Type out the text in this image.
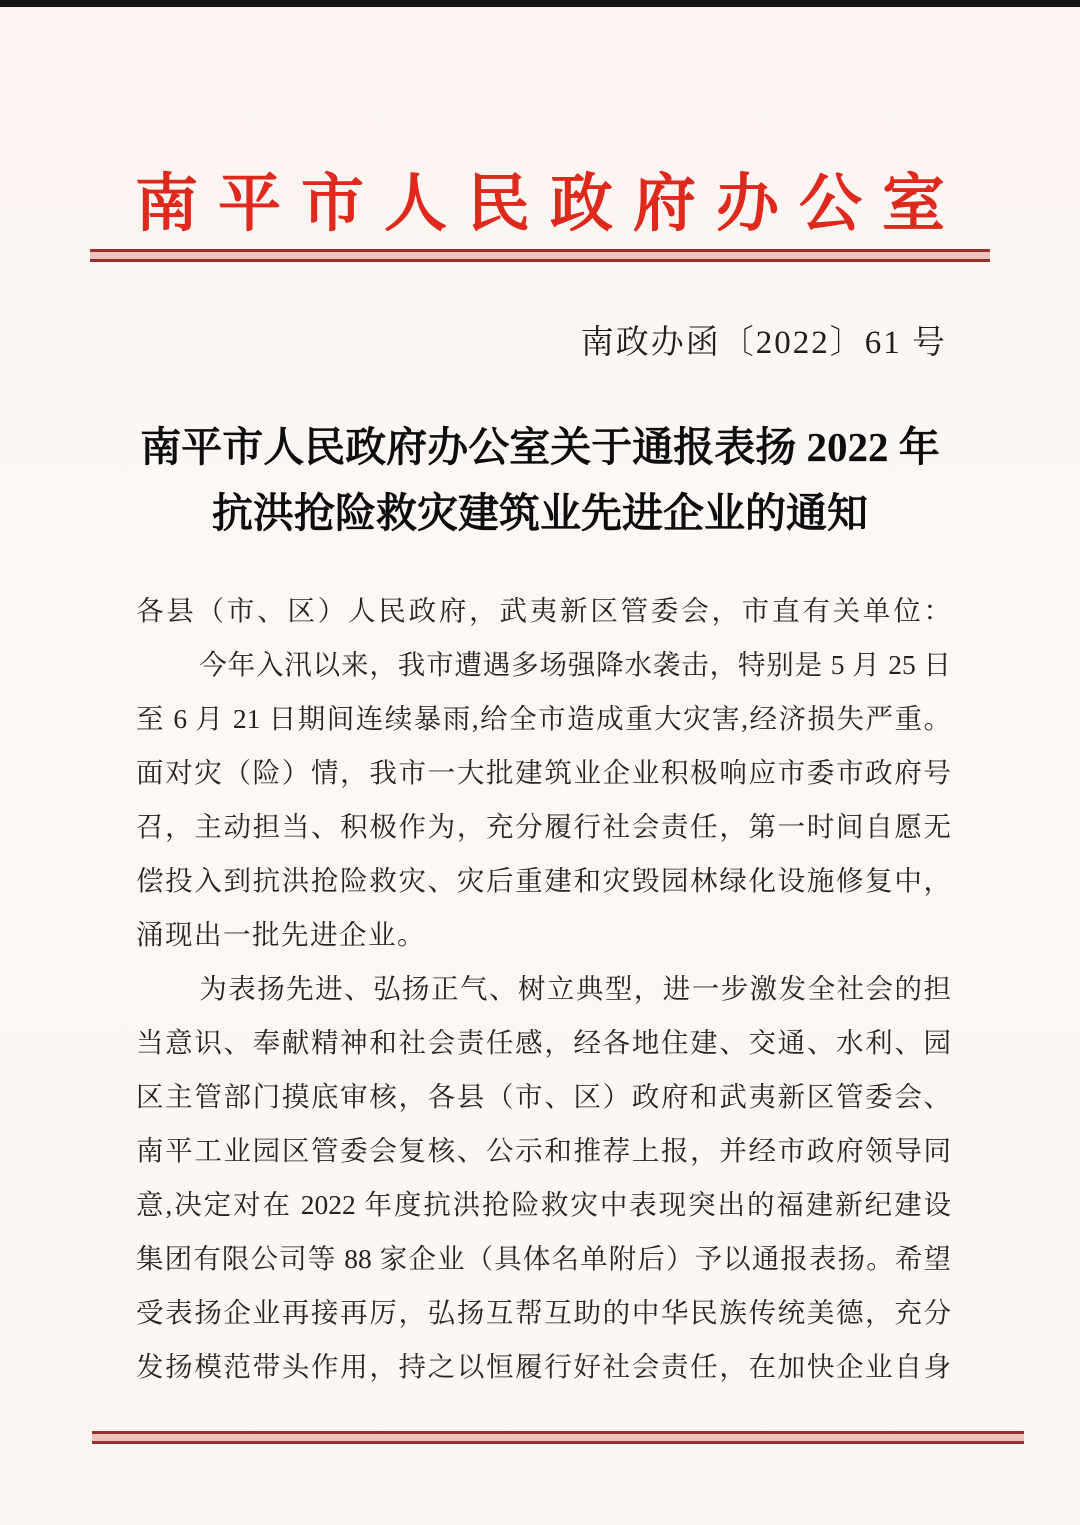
南平市人民政府办公室
南政办函〔2022〕61 号
南平市人民政府办公室关于通报表扬 2022 年
抗洪抢险救灾建筑业先进企业的通知
各县（市、区）人民政府，武夷新区管委会，市直有关单位：
今年入汛以来，我市遭遇多场强降水袭击，特别是 5 月 25 日
至 6 月 21 日期间连续暴雨,给全市造成重大灾害,经济损失严重。
面对灾（险）情，我市一大批建筑业企业积极响应市委市政府号
召，主动担当、积极作为，充分履行社会责任，第一时间自愿无
偿投入到抗洪抢险救灾、灾后重建和灾毁园林绿化设施修复中，
涌现出一批先进企业。
为表扬先进、弘扬正气、树立典型，进一步激发全社会的担
当意识、奉献精神和社会责任感，经各地住建、交通、水利、园
区主管部门摸底审核，各县（市、区）政府和武夷新区管委会、
南平工业园区管委会复核、公示和推荐上报，并经市政府领导同
意,决定对在 2022 年度抗洪抢险救灾中表现突出的福建新纪建设
集团有限公司等 88 家企业（具体名单附后）予以通报表扬。希望
受表扬企业再接再厉，弘扬互帮互助的中华民族传统美德，充分
发扬模范带头作用，持之以恒履行好社会责任，在加快企业自身
